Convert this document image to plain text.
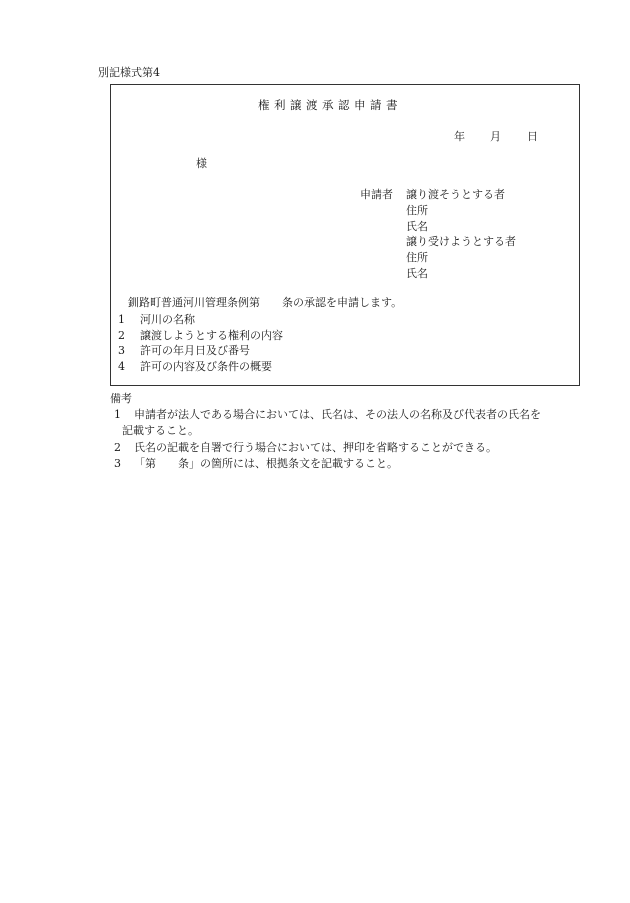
別記様式第4
権利譲渡承認申請書
年 月 日
様
申請者 譲り渡そうとする者
住所
氏名
譲り受けようとする者
住所
氏名
釧路町普通河川管理条例第　　条の承認を申請します。
1 河川の名称
2 譲渡しようとする権利の内容
3 許可の年月日及び番号
4 許可の内容及び条件の概要
備考
1 申請者が法人である場合においては、氏名は、その法人の名称及び代表者の氏名を
記載すること。
2 氏名の記載を自署で行う場合においては、押印を省略することができる。
3 「第　　条」の箇所には、根拠条文を記載すること。
